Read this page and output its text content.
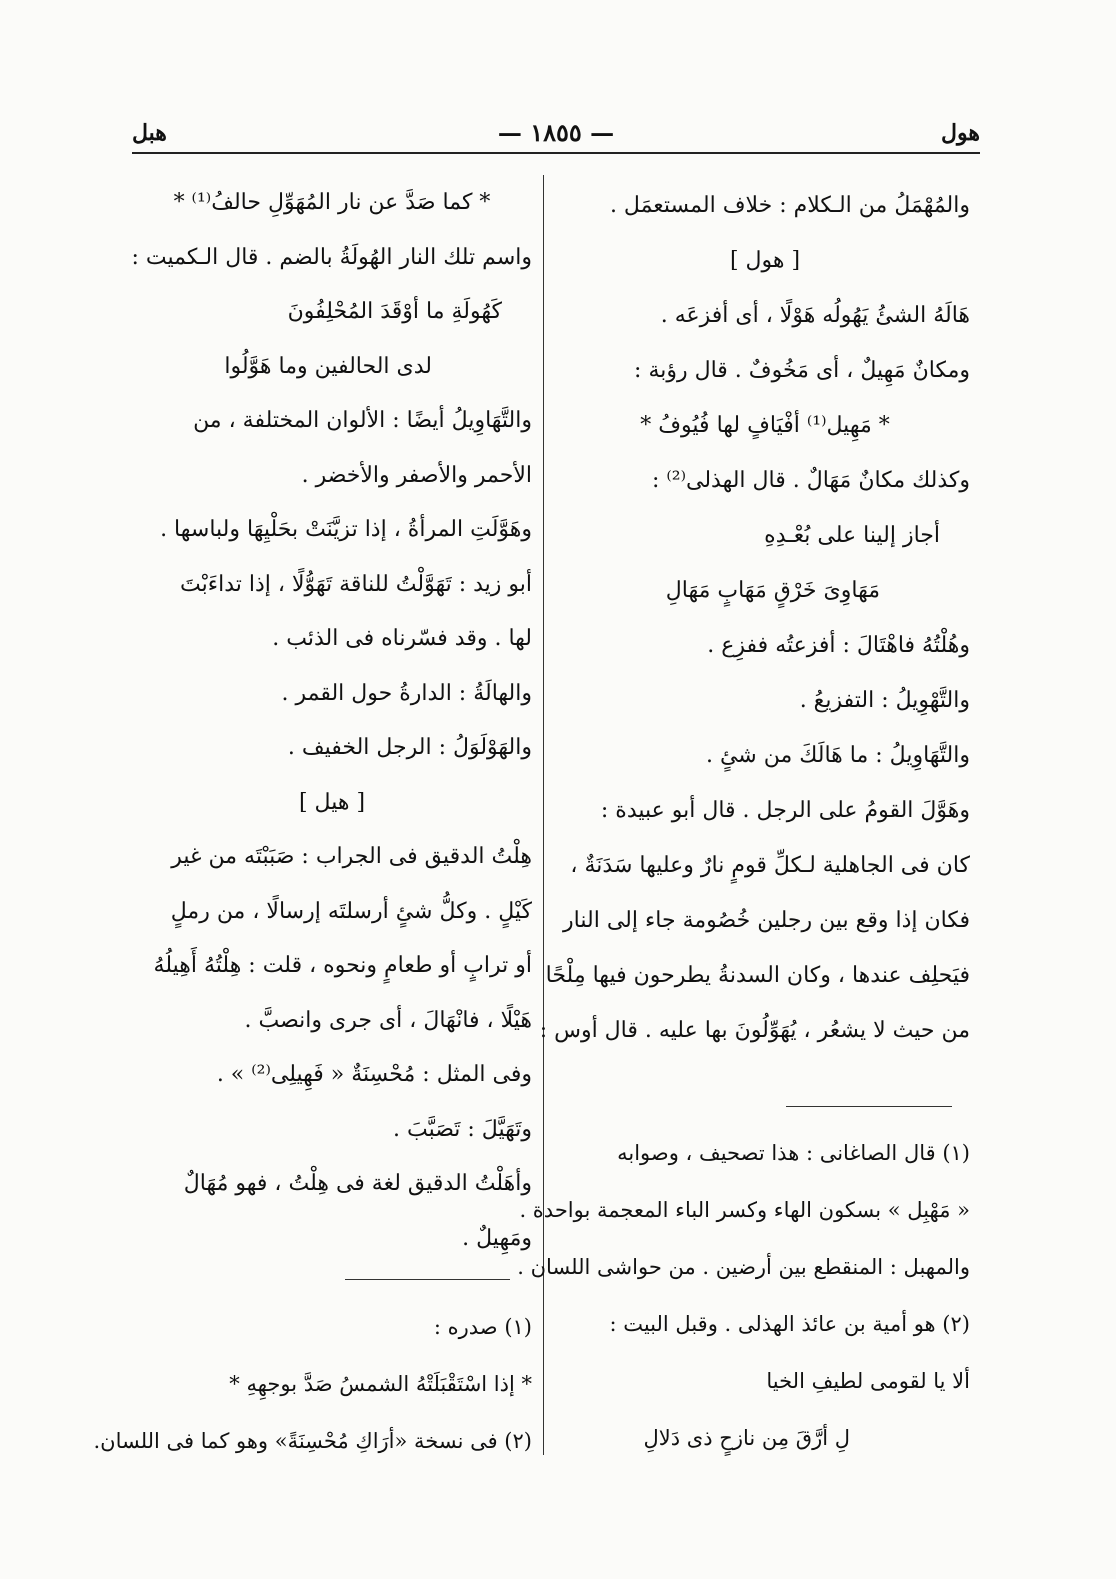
هول
— ١٨٥٥ —
هبل

والمُهْمَلُ من الـكلام : خلاف المستعمَل .

[ هول ]

هَالَهُ الشئُ يَهُولُه هَوْلًا ، أى أفزعَه .

ومكانٌ مَهِيلٌ ، أى مَخُوفٌ . قال رؤبة :

* مَهِيل⁽¹⁾ أفْيَافٍ لها فُيُوفُ *

وكذلك مكانٌ مَهَالٌ . قال الهذلى⁽²⁾ :

أجاز إلينا على بُعْـدِهِ

مَهَاوِىَ خَرْقٍ مَهَابٍ مَهَالِ

وهُلْتُهُ فاهْتَالَ : أفزعتُه ففزِع .

والتَّهْوِيلُ : التفزيعُ .

والتَّهَاوِيلُ : ما هَالَكَ من شئٍ .

وهَوَّلَ القومُ على الرجل . قال أبو عبيدة :

كان فى الجاهلية لـكلِّ قومٍ نارٌ وعليها سَدَنَةٌ ،

فكان إذا وقع بين رجلين خُصُومة جاء إلى النار

فيَحلِف عندها ، وكان السدنةُ يطرحون فيها مِلْحًا

من حيث لا يشعُر ، يُهَوِّلُونَ بها عليه . قال أوس :

(١) قال الصاغانى : هذا تصحيف ، وصوابه

« مَهْبِل » بسكون الهاء وكسر الباء المعجمة بواحدة .

والمهبل : المنقطع بين أرضين . من حواشى اللسان .

(٢) هو أمية بن عائذ الهذلى . وقبل البيت :

ألا يا لقومى لطيفِ الخيا

لِ أرَّقَ مِن نازحٍ ذى دَلالِ

* كما صَدَّ عن نار المُهَوِّلِ حالفُ⁽¹⁾ *

واسم تلك النار الهُولَةُ بالضم . قال الـكميت :

كَهُولَةِ ما أوْقَدَ المُحْلِفُونَ

لدى الحالفين وما هَوَّلُوا

والتَّهَاوِيلُ أيضًا : الألوان المختلفة ، من

الأحمر والأصفر والأخضر .

وهَوَّلَتِ المرأةُ ، إذا تزيَّنَتْ بحَلْيِهَا ولباسها .

أبو زيد : تَهَوَّلْتُ للناقة تَهَوُّلًا ، إذا تداءَبْتَ

لها . وقد فسّرناه فى الذئب .

والهالَةُ : الدارةُ حول القمر .

والهَوْلَوَلُ : الرجل الخفيف .

[ هيل ]

هِلْتُ الدقيق فى الجراب : صَبَبْتَه من غير

كَيْلٍ . وكلُّ شئٍ أرسلتَه إرسالًا ، من رملٍ

أو ترابٍ أو طعامٍ ونحوه ، قلت : هِلْتُهُ أَهِيلُهُ

هَيْلًا ، فانْهَالَ ، أى جرى وانصبَّ .

وفى المثل : مُحْسِنَةٌ « فَهِيلِى⁽²⁾ » .

وتَهَيَّلَ : تَصَبَّبَ .

وأهَلْتُ الدقيق لغة فى هِلْتُ ، فهو مُهَالٌ

ومَهِيلٌ .

(١) صدره :

* إذا اسْتَقْبَلَتْهُ الشمسُ صَدَّ بوجهِهِ *

(٢) فى نسخة «أرَاكِ مُحْسِنَةً» وهو كما فى اللسان.
